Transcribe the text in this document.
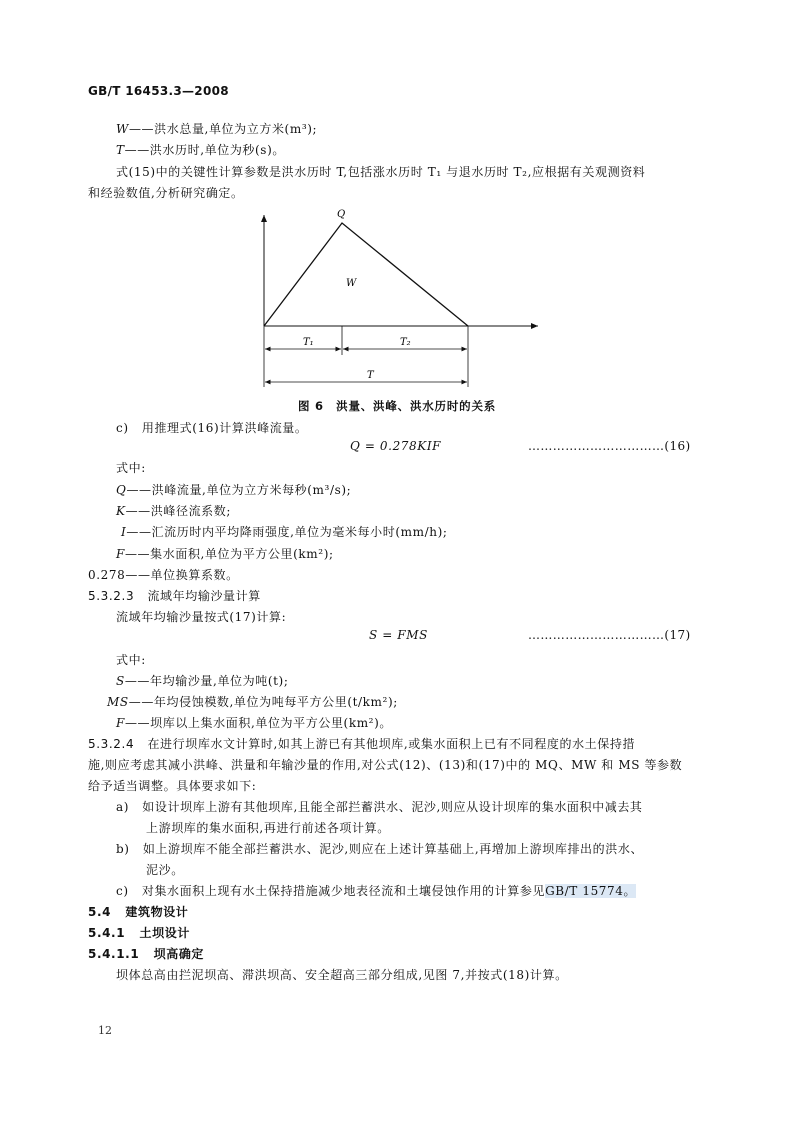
GB/T 16453.3—2008
W——洪水总量,单位为立方米(m³);
T——洪水历时,单位为秒(s)。
式(15)中的关键性计算参数是洪水历时 T,包括涨水历时 T₁ 与退水历时 T₂,应根据有关观测资料
和经验数值,分析研究确定。
Q
W
T₁	T₂
T
图 6　洪量、洪峰、洪水历时的关系
c) 用推理式(16)计算洪峰流量。
Q = 0.278KIF	……………………………(16)
式中:
Q——洪峰流量,单位为立方米每秒(m³/s);
K——洪峰径流系数;
I——汇流历时内平均降雨强度,单位为毫米每小时(mm/h);
F——集水面积,单位为平方公里(km²);
0.278——单位换算系数。
5.3.2.3 流域年均输沙量计算
流域年均输沙量按式(17)计算:
S = FMS	……………………………(17)
式中:
S——年均输沙量,单位为吨(t);
MS——年均侵蚀模数,单位为吨每平方公里(t/km²);
F——坝库以上集水面积,单位为平方公里(km²)。
5.3.2.4 在进行坝库水文计算时,如其上游已有其他坝库,或集水面积上已有不同程度的水土保持措
施,则应考虑其减小洪峰、洪量和年输沙量的作用,对公式(12)、(13)和(17)中的 MQ、MW 和 MS 等参数
给予适当调整。具体要求如下:
a) 如设计坝库上游有其他坝库,且能全部拦蓄洪水、泥沙,则应从设计坝库的集水面积中减去其
上游坝库的集水面积,再进行前述各项计算。
b) 如上游坝库不能全部拦蓄洪水、泥沙,则应在上述计算基础上,再增加上游坝库排出的洪水、
泥沙。
c) 对集水面积上现有水土保持措施减少地表径流和土壤侵蚀作用的计算参见GB/T 15774。
5.4 建筑物设计
5.4.1 土坝设计
5.4.1.1 坝高确定
坝体总高由拦泥坝高、滞洪坝高、安全超高三部分组成,见图 7,并按式(18)计算。
12
